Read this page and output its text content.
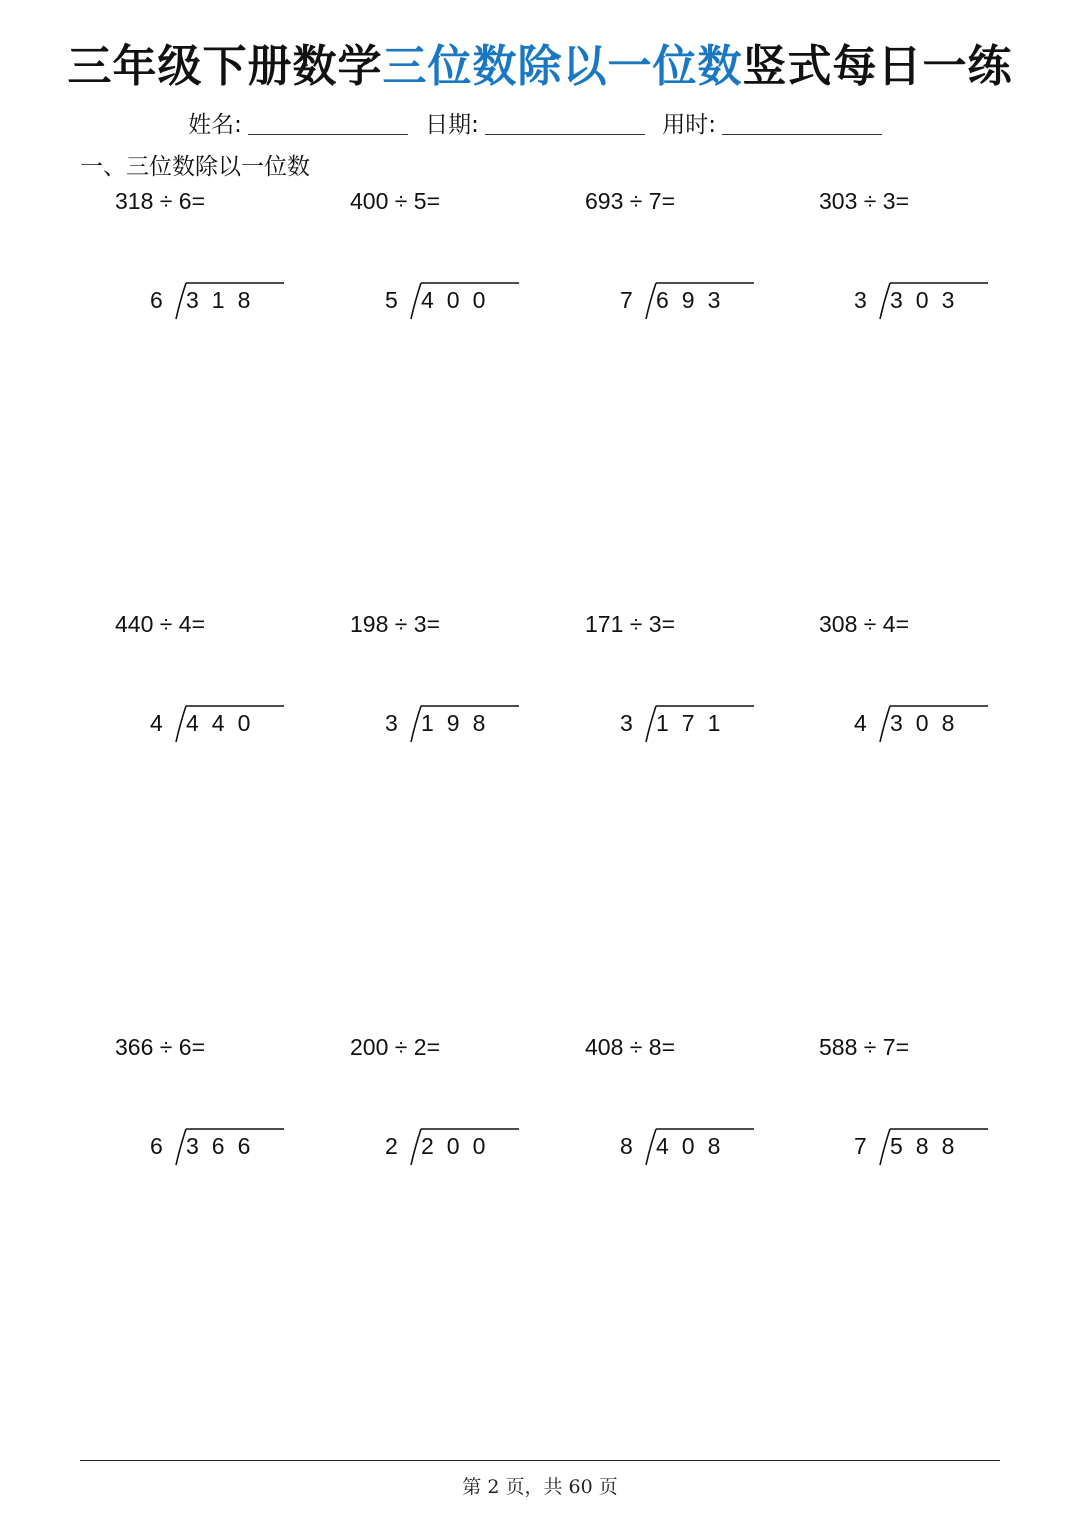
三年级下册数学三位数除以一位数竖式每日一练
姓名:	日期:	用时:
一、三位数除以一位数
318 ÷ 6=
6 318
400 ÷ 5=
5 400
693 ÷ 7=
7 693
303 ÷ 3=
3 303
440 ÷ 4=
4 440
198 ÷ 3=
3 198
171 ÷ 3=
3 171
308 ÷ 4=
4 308
366 ÷ 6=
6 366
200 ÷ 2=
2 200
408 ÷ 8=
8 408
588 ÷ 7=
7 588
第 2 页，共 60 页
